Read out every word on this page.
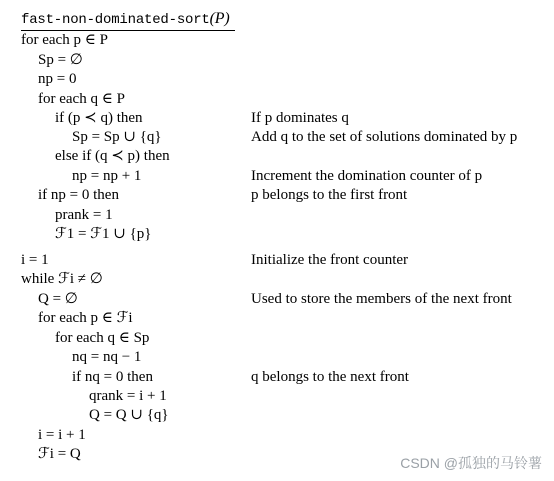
fast-non-dominated-sort(P)
for each p ∈ P
Sp = ∅
np = 0
for each q ∈ P
if (p ≺ q) then
Sp = Sp ∪ {q}
else if (q ≺ p) then
np = np + 1
if np = 0 then
prank = 1
ℱ1 = ℱ1 ∪ {p}
i = 1
while ℱi ≠ ∅
Q = ∅
for each p ∈ ℱi
for each q ∈ Sp
nq = nq − 1
if nq = 0 then
qrank = i + 1
Q = Q ∪ {q}
i = i + 1
ℱi = Q
If p dominates q
Add q to the set of solutions dominated by p
Increment the domination counter of p
p belongs to the first front
Initialize the front counter
Used to store the members of the next front
q belongs to the next front
CSDN @孤独的马铃薯
